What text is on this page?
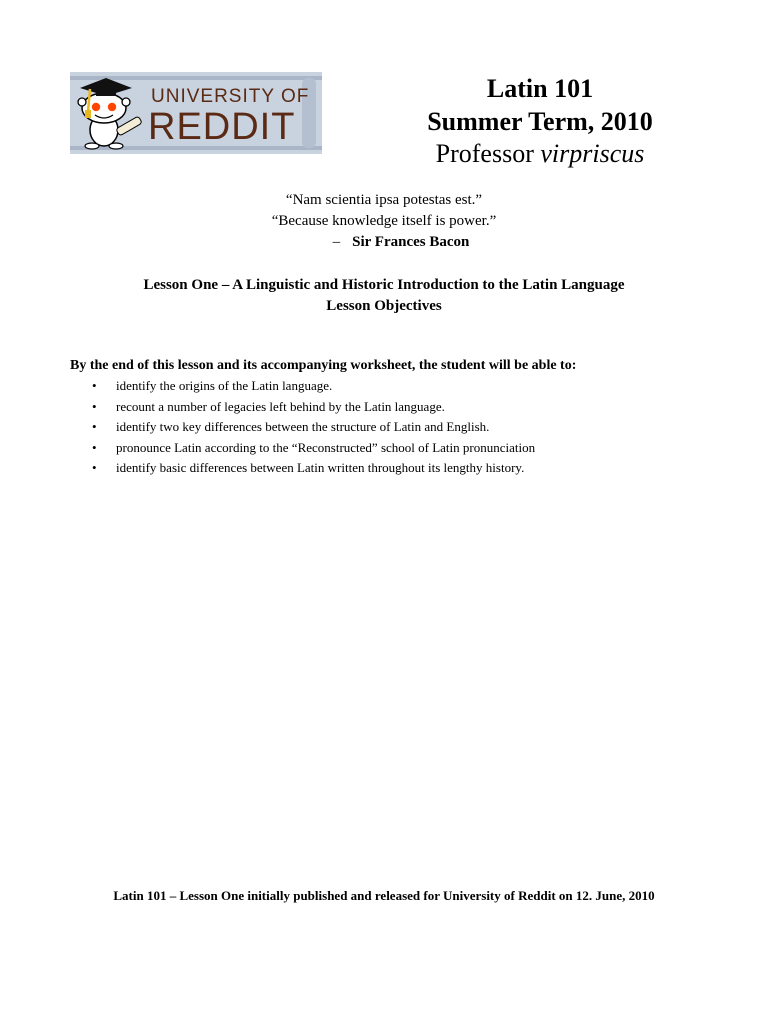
UNIVERSITY OF
REDDIT
Latin 101
Summer Term, 2010
Professor virpriscus
“Nam scientia ipsa potestas est.”
“Because knowledge itself is power.”
– Sir Frances Bacon
Lesson One – A Linguistic and Historic Introduction to the Latin Language
Lesson Objectives
By the end of this lesson and its accompanying worksheet, the student will be able to:
• identify the origins of the Latin language.
• recount a number of legacies left behind by the Latin language.
• identify two key differences between the structure of Latin and English.
• pronounce Latin according to the “Reconstructed” school of Latin pronunciation
• identify basic differences between Latin written throughout its lengthy history.
Latin 101 – Lesson One initially published and released for University of Reddit on 12. June, 2010
